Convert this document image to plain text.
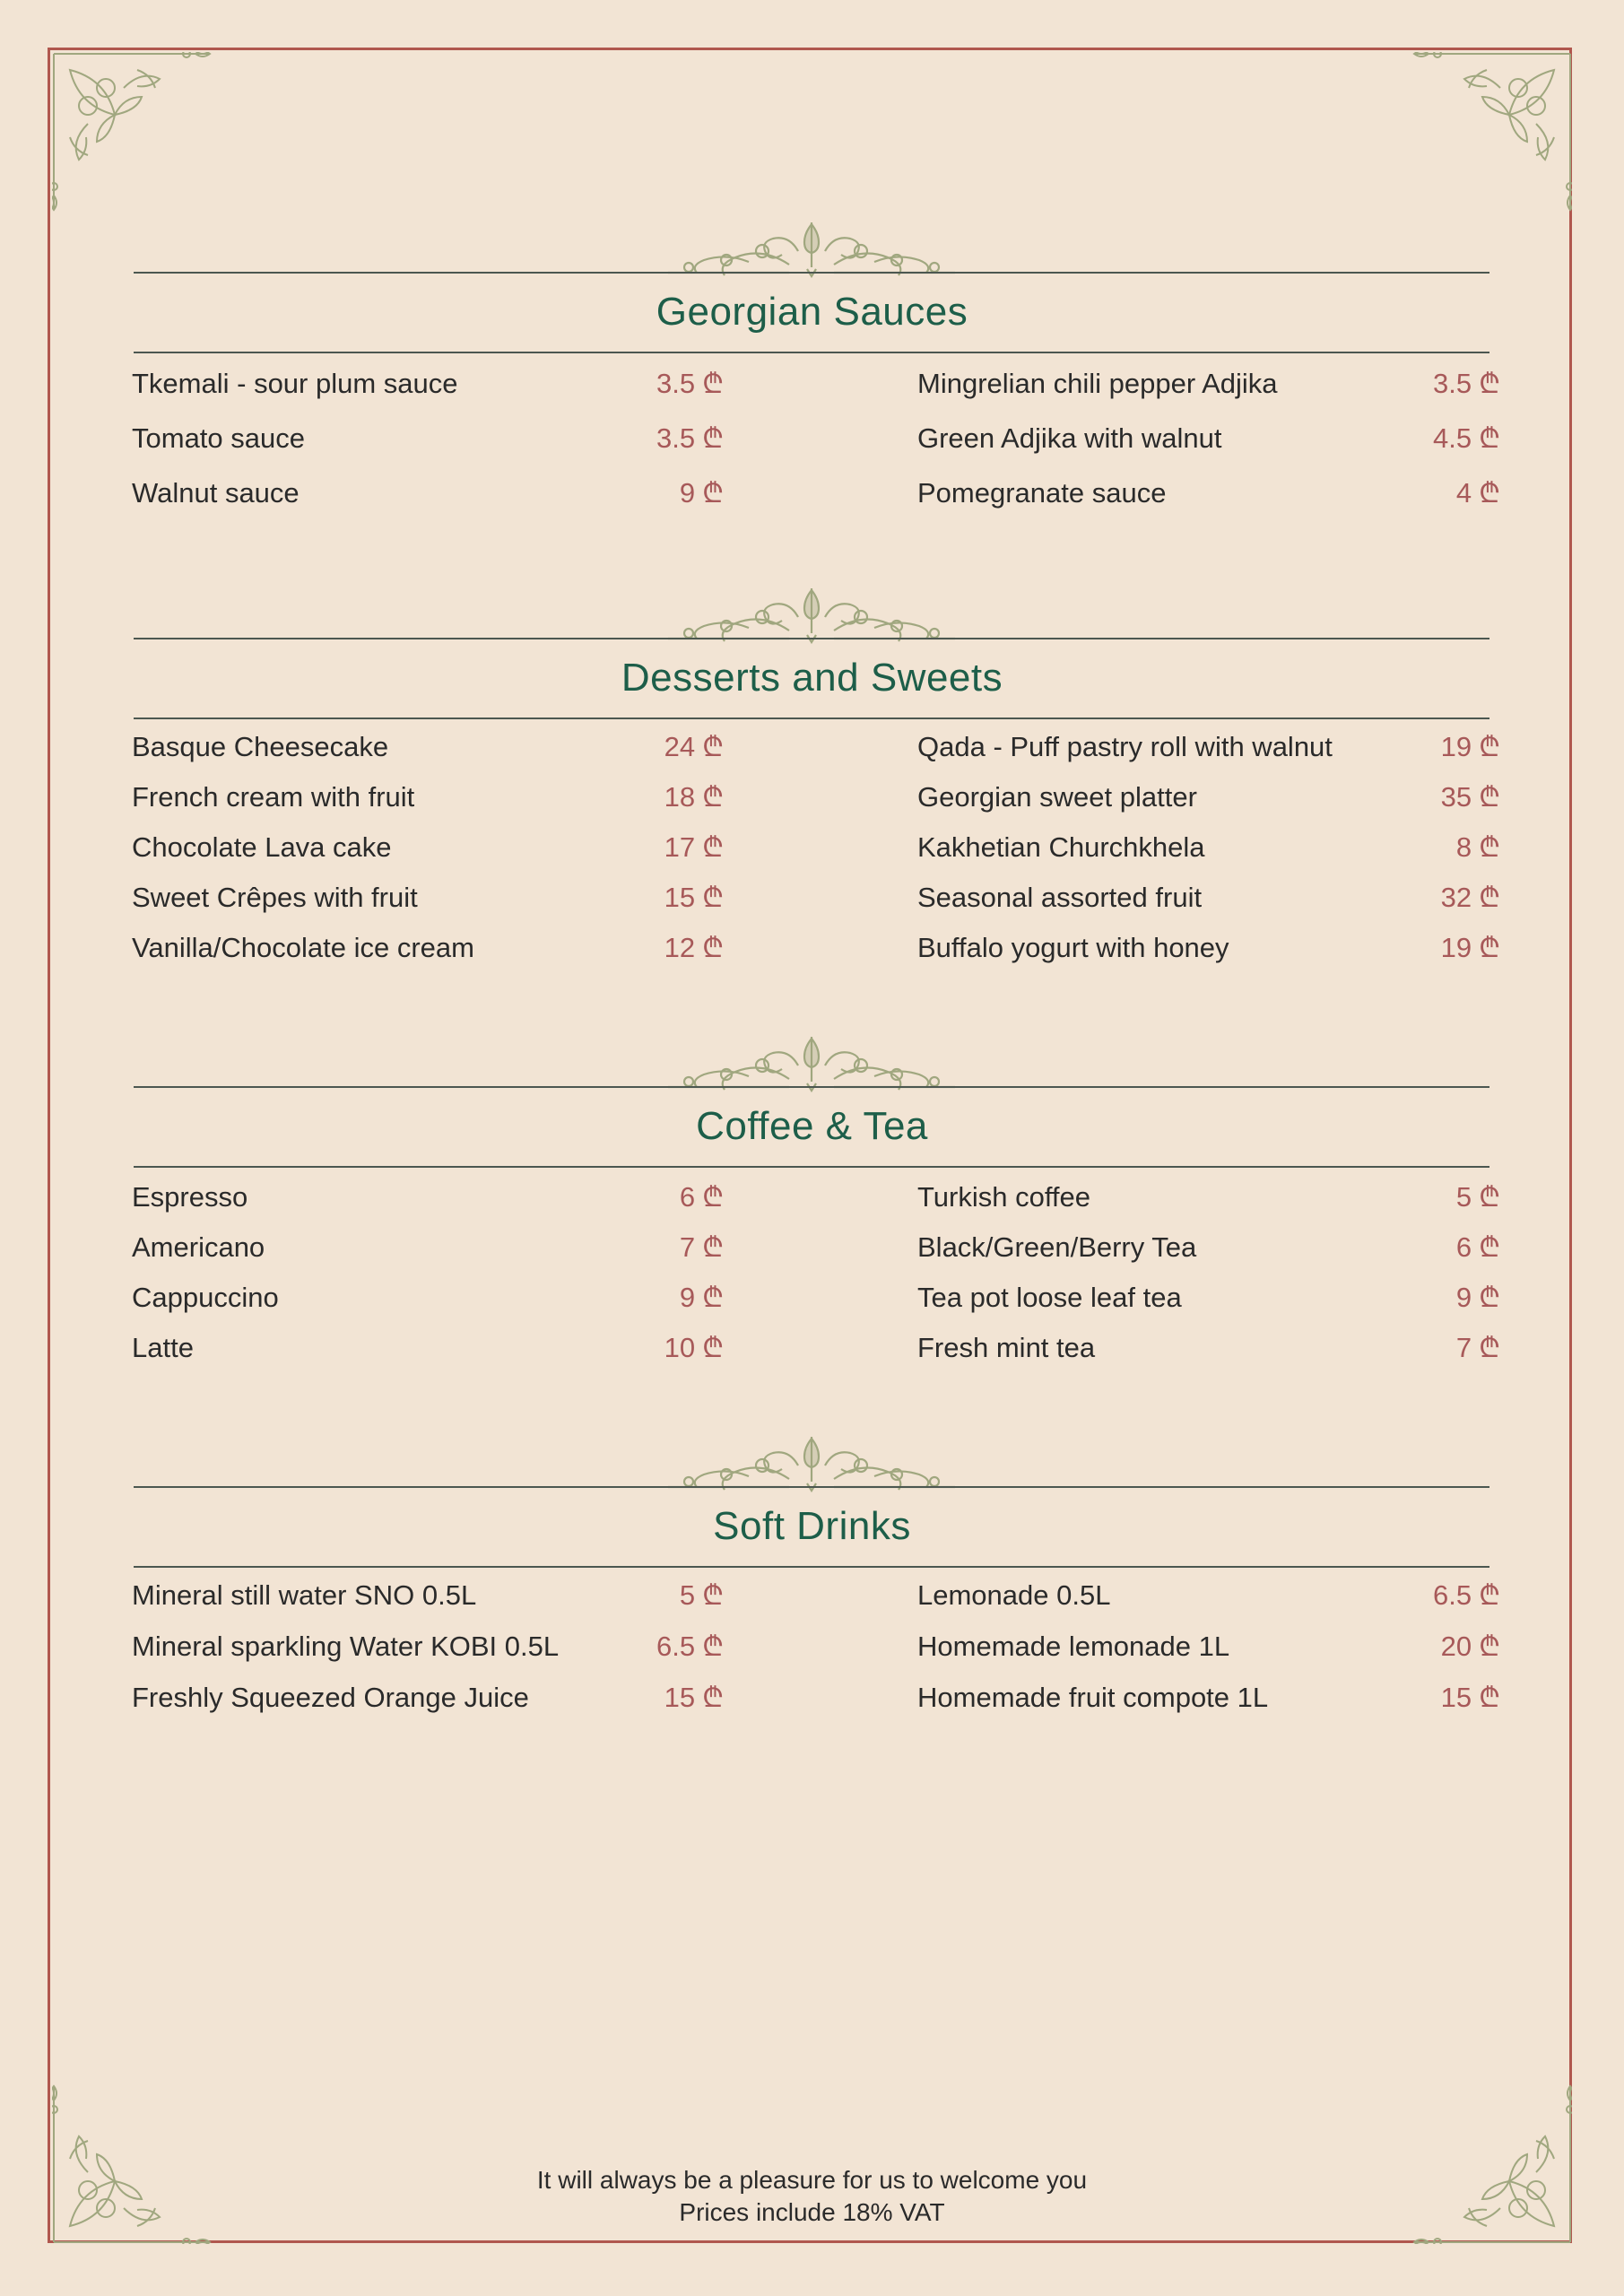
Georgian Sauces
Tkemali - sour plum sauce	3.5 ₾
Tomato sauce	3.5 ₾
Walnut sauce	9 ₾
Mingrelian chili pepper Adjika	3.5 ₾
Green Adjika with walnut	4.5 ₾
Pomegranate sauce	4 ₾
Desserts and Sweets
Basque Cheesecake	24 ₾
French cream with fruit	18 ₾
Chocolate Lava cake	17 ₾
Sweet Crêpes with fruit	15 ₾
Vanilla/Chocolate ice cream	12 ₾
Qada - Puff pastry roll with walnut	19 ₾
Georgian sweet platter	35 ₾
Kakhetian Churchkhela	8 ₾
Seasonal assorted fruit	32 ₾
Buffalo yogurt with honey	19 ₾
Coffee & Tea
Espresso	6 ₾
Americano	7 ₾
Cappuccino	9 ₾
Latte	10 ₾
Turkish coffee	5 ₾
Black/Green/Berry Tea	6 ₾
Tea pot loose leaf tea	9 ₾
Fresh mint tea	7 ₾
Soft Drinks
Mineral still water SNO 0.5L	5 ₾
Mineral sparkling Water KOBI 0.5L	6.5 ₾
Freshly Squeezed Orange Juice	15 ₾
Lemonade 0.5L	6.5 ₾
Homemade lemonade 1L	20 ₾
Homemade fruit compote 1L	15 ₾
It will always be a pleasure for us to welcome you
Prices include 18% VAT
